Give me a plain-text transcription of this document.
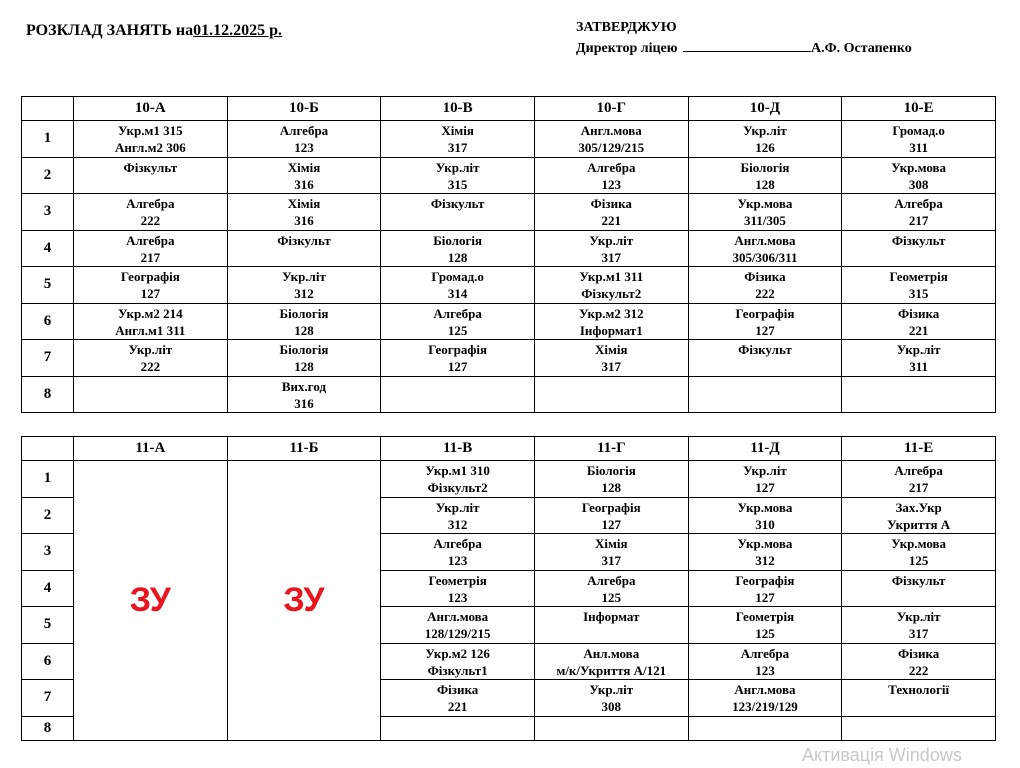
РОЗКЛАД ЗАНЯТЬ на01.12.2025 р.	ЗАТВЕРДЖУЮ
Директор ліцею	А.Ф. Остапенко
	10-А	10-Б	10-В	10-Г	10-Д	10-Е
1	Укр.м1 315
Англ.м2 306	Алгебра
123	Хімія
317	Англ.мова
305/129/215	Укр.літ
126	Громад.о
311

2	Фізкульт	Хімія
316	Укр.літ
315	Алгебра
123	Біологія
128	Укр.мова
308

3	Алгебра
222	Хімія
316	Фізкульт	Фізика
221	Укр.мова
311/305	Алгебра
217

4	Алгебра
217	Фізкульт	Біологія
128	Укр.літ
317	Англ.мова
305/306/311	Фізкульт

5	Географія
127	Укр.літ
312	Громад.о
314	Укр.м1 311
Фізкульт2	Фізика
222	Геометрія
315

6	Укр.м2 214
Англ.м1 311	Біологія
128	Алгебра
125	Укр.м2 312
Інформат1	Географія
127	Фізика
221

7	Укр.літ
222	Біологія
128	Географія
127	Хімія
317	Фізкульт	Укр.літ
311

8		Вих.год
316				

	11-А	11-Б	11-В	11-Г	11-Д	11-Е
1	ЗУ	ЗУ	Укр.м1 310
Фізкульт2	Біологія
128	Укр.літ
127	Алгебра
217

2			Укр.літ
312	Географія
127	Укр.мова
310	Зах.Укр
Укриття А

3			Алгебра
123	Хімія
317	Укр.мова
312	Укр.мова
125

4			Геометрія
123	Алгебра
125	Географія
127	Фізкульт

5			Англ.мова
128/129/215	Інформат	Геометрія
125	Укр.літ
317

6			Укр.м2 126
Фізкульт1	Анл.мова
м/к/Укриття А/121	Алгебра
123	Фізика
222

7			Фізика
221	Укр.літ
308	Англ.мова
123/219/129	Технології

8			

Активація Windows
